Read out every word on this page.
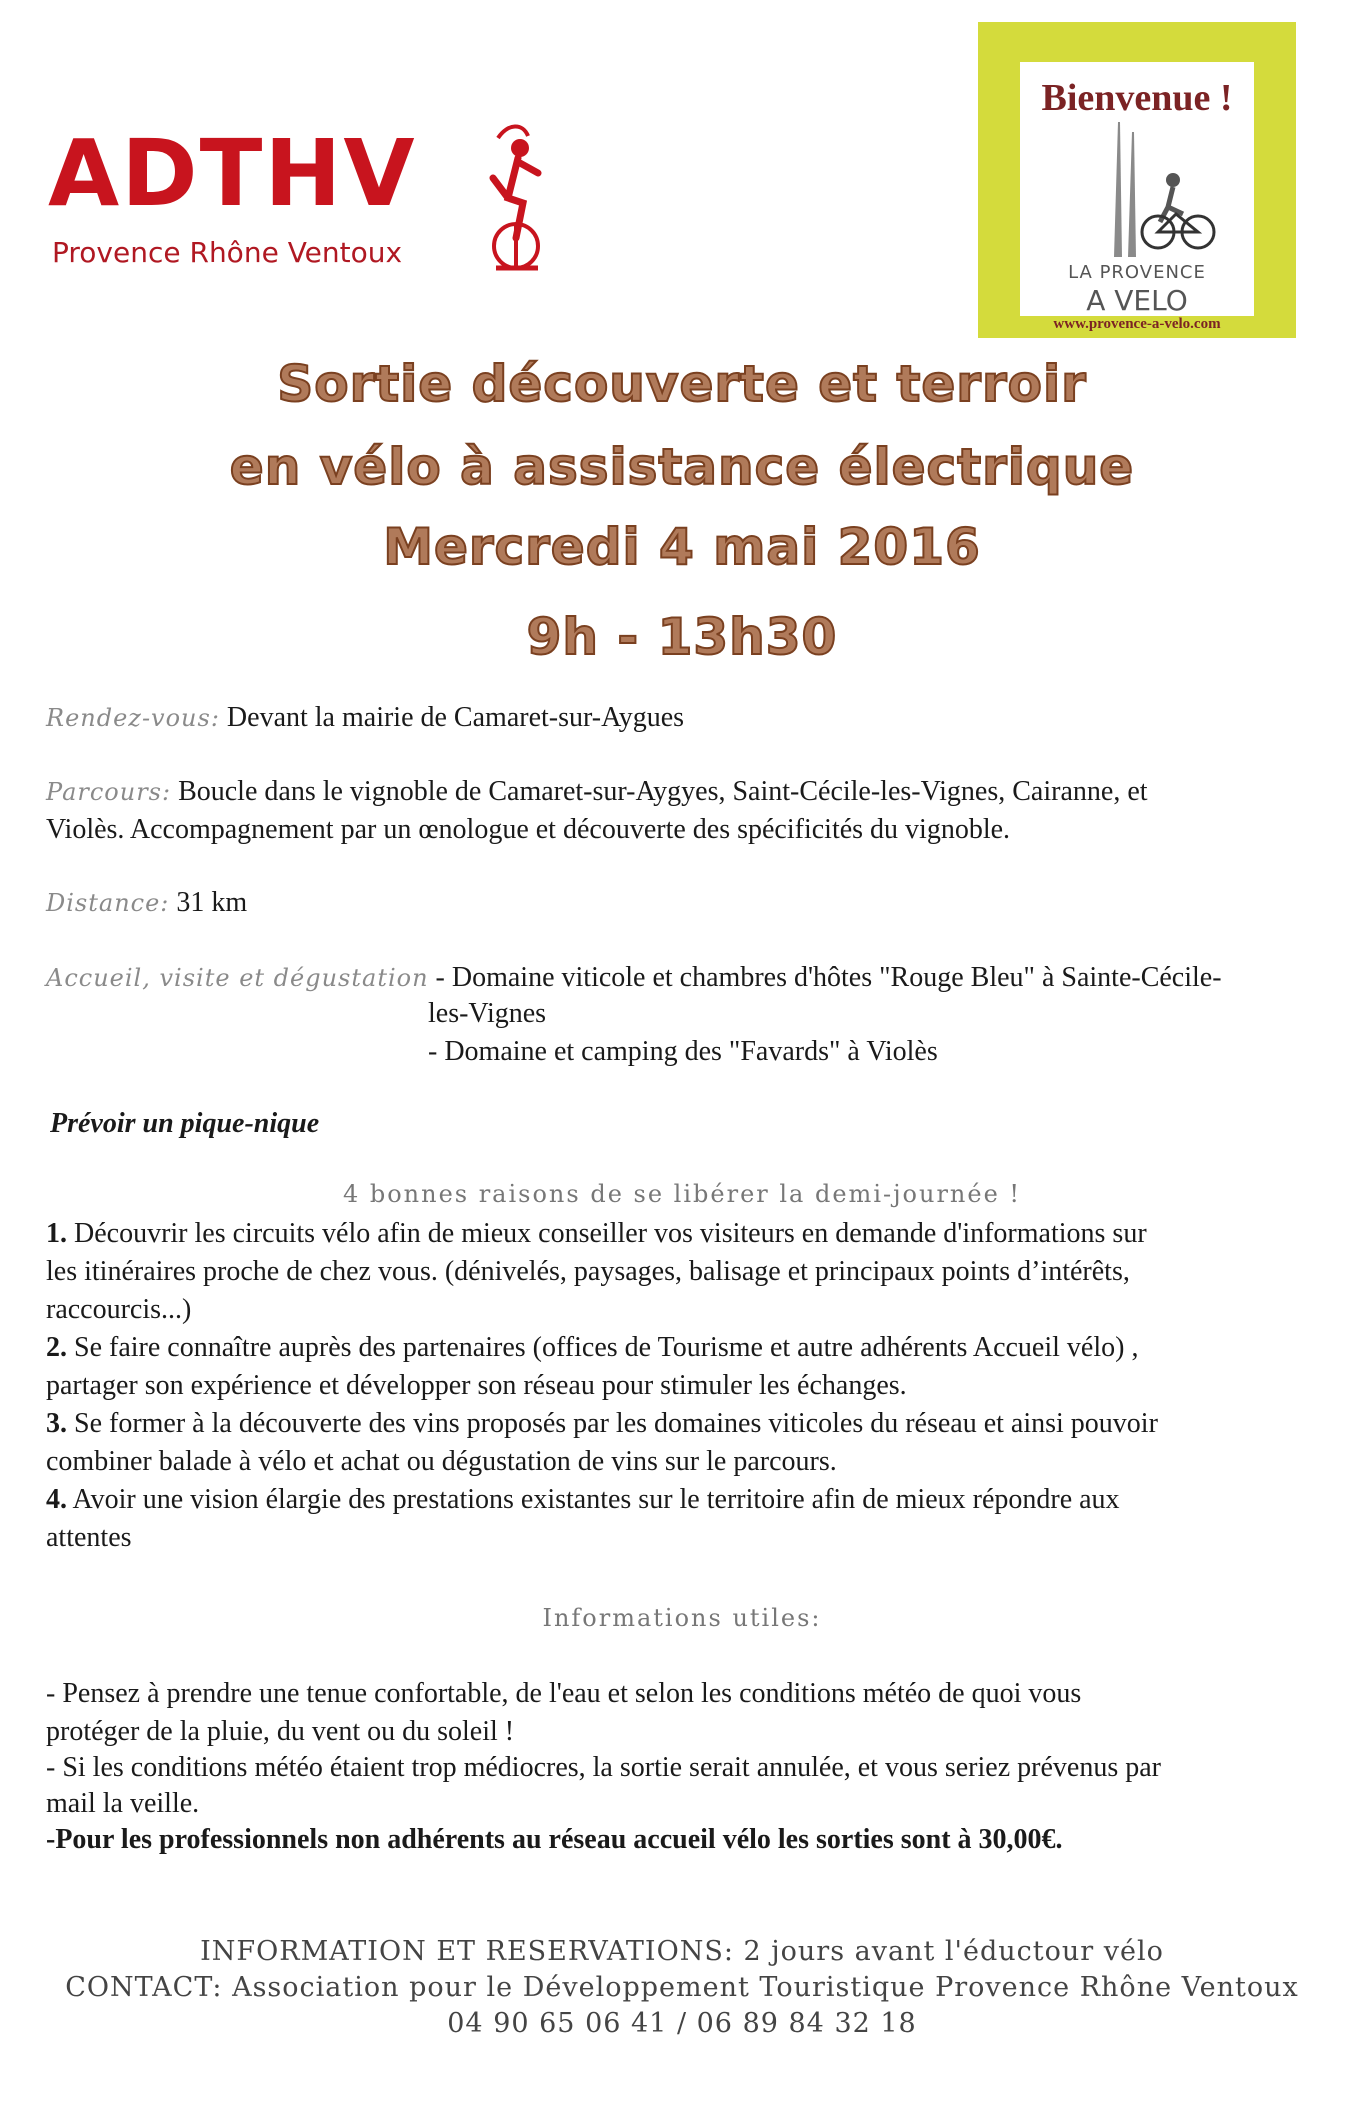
ADTHV
Provence Rhône Ventoux
Bienvenue !
LA PROVENCE
A VELO
www.provence-a-velo.com
Sortie découverte et terroir
en vélo à assistance électrique
Mercredi 4 mai 2016
9h - 13h30
Rendez-vous: Devant la mairie de Camaret-sur-Aygues
Parcours: Boucle dans le vignoble de Camaret-sur-Aygyes, Saint-Cécile-les-Vignes, Cairanne, et
Violès. Accompagnement par un œnologue et découverte des spécificités du vignoble.
Distance: 31 km
Accueil, visite et dégustation - Domaine viticole et chambres d'hôtes "Rouge Bleu" à Sainte-Cécile-
les-Vignes
- Domaine et camping des "Favards" à Violès
Prévoir un pique-nique
4 bonnes raisons de se libérer la demi-journée !
1. Découvrir les circuits vélo afin de mieux conseiller vos visiteurs en demande d'informations sur
les itinéraires proche de chez vous. (dénivelés, paysages, balisage et principaux points d’intérêts,
raccourcis...)
2. Se faire connaître auprès des partenaires (offices de Tourisme et autre adhérents Accueil vélo) ,
partager son expérience et développer son réseau pour stimuler les échanges.
3. Se former à la découverte des vins proposés par les domaines viticoles du réseau et ainsi pouvoir
combiner balade à vélo et achat ou dégustation de vins sur le parcours.
4. Avoir une vision élargie des prestations existantes sur le territoire afin de mieux répondre aux
attentes
Informations utiles:
- Pensez à prendre une tenue confortable, de l'eau et selon les conditions météo de quoi vous
protéger de la pluie, du vent ou du soleil !
- Si les conditions météo étaient trop médiocres, la sortie serait annulée, et vous seriez prévenus par
mail la veille.
-Pour les professionnels non adhérents au réseau accueil vélo les sorties sont à 30,00€.
INFORMATION ET RESERVATIONS: 2 jours avant l'éductour vélo
CONTACT: Association pour le Développement Touristique Provence Rhône Ventoux
04 90 65 06 41 / 06 89 84 32 18
